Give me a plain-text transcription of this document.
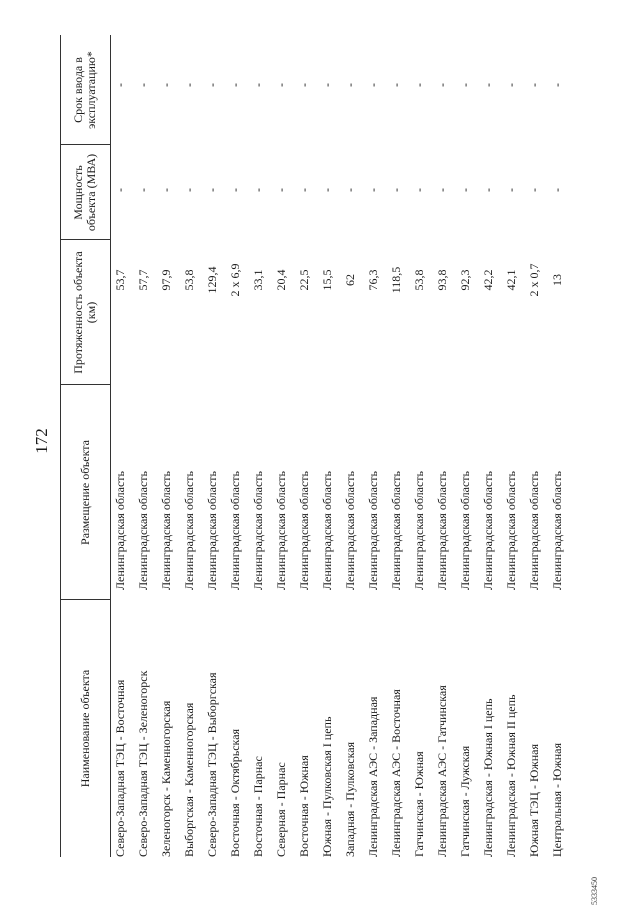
172
Наименование объекта
Размещение объекта
Протяженность объекта (км)
Мощность объекта (МВА)
Срок ввода в эксплуатацию*
Северо-Западная ТЭЦ - Восточная
Ленинградская область
53,7
-
-
Северо-Западная ТЭЦ - Зеленогорск
Ленинградская область
57,7
-
-
Зеленогорск - Каменногорская
Ленинградская область
97,9
-
-
Выборгская - Каменногорская
Ленинградская область
53,8
-
-
Северо-Западная ТЭЦ - Выборгская
Ленинградская область
129,4
-
-
Восточная - Октябрьская
Ленинградская область
2 x 6,9
-
-
Восточная - Парнас
Ленинградская область
33,1
-
-
Северная - Парнас
Ленинградская область
20,4
-
-
Восточная - Южная
Ленинградская область
22,5
-
-
Южная - Пулковская I цепь
Ленинградская область
15,5
-
-
Западная - Пулковская
Ленинградская область
62
-
-
Ленинградская АЭС - Западная
Ленинградская область
76,3
-
-
Ленинградская АЭС - Восточная
Ленинградская область
118,5
-
-
Гатчинская - Южная
Ленинградская область
53,8
-
-
Ленинградская АЭС - Гатчинская
Ленинградская область
93,8
-
-
Гатчинская - Лужская
Ленинградская область
92,3
-
-
Ленинградская - Южная I цепь
Ленинградская область
42,2
-
-
Ленинградская - Южная II цепь
Ленинградская область
42,1
-
-
Южная ТЭЦ - Южная
Ленинградская область
2 x 0,7
-
-
Центральная - Южная
Ленинградская область
13
-
-
5333450
